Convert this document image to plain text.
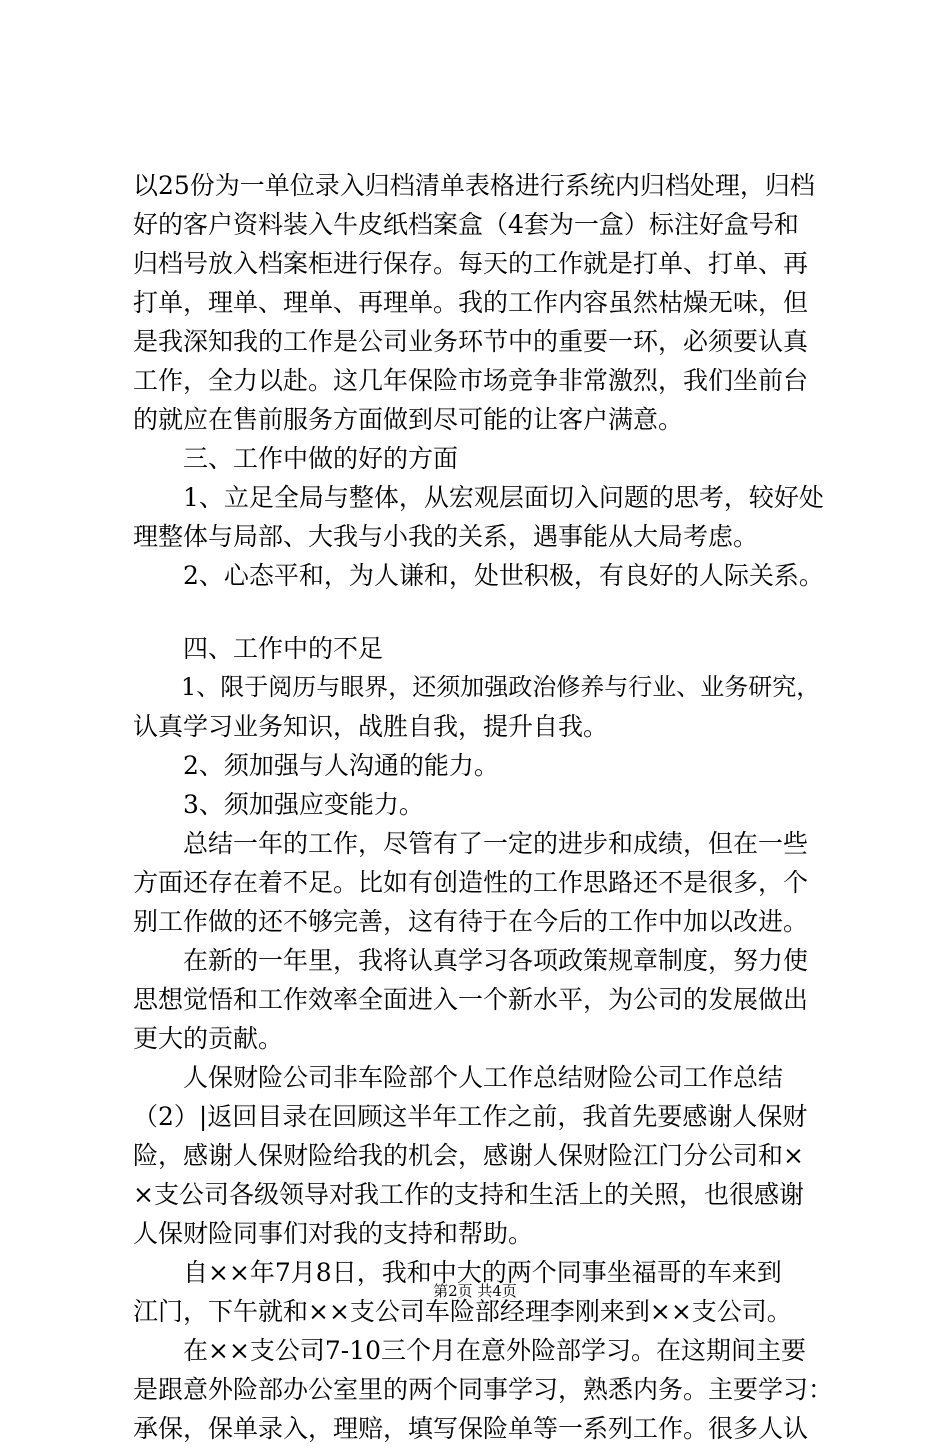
以25份为一单位录入归档清单表格进行系统内归档处理，归档
好的客户资料装入牛皮纸档案盒（4套为一盒）标注好盒号和
归档号放入档案柜进行保存。每天的工作就是打单、打单、再
打单，理单、理单、再理单。我的工作内容虽然枯燥无味，但
是我深知我的工作是公司业务环节中的重要一环，必须要认真
工作，全力以赴。这几年保险市场竞争非常激烈，我们坐前台
的就应在售前服务方面做到尽可能的让客户满意。
　　三、工作中做的好的方面
　　1、立足全局与整体，从宏观层面切入问题的思考，较好处
理整体与局部、大我与小我的关系，遇事能从大局考虑。
　　2、心态平和，为人谦和，处世积极，有良好的人际关系。
　　四、工作中的不足
　　1、限于阅历与眼界，还须加强政治修养与行业、业务研究，
认真学习业务知识，战胜自我，提升自我。
　　2、须加强与人沟通的能力。
　　3、须加强应变能力。
　　总结一年的工作，尽管有了一定的进步和成绩，但在一些
方面还存在着不足。比如有创造性的工作思路还不是很多，个
别工作做的还不够完善，这有待于在今后的工作中加以改进。
　　在新的一年里，我将认真学习各项政策规章制度，努力使
思想觉悟和工作效率全面进入一个新水平，为公司的发展做出
更大的贡献。
　　人保财险公司非车险部个人工作总结财险公司工作总结
（2）|返回目录在回顾这半年工作之前，我首先要感谢人保财
险，感谢人保财险给我的机会，感谢人保财险江门分公司和×
×支公司各级领导对我工作的支持和生活上的关照，也很感谢
人保财险同事们对我的支持和帮助。
　　自××年7月8日，我和中大的两个同事坐福哥的车来到
江门，下午就和××支公司车险部经理李刚来到××支公司。
　　在××支公司7-10三个月在意外险部学习。在这期间主要
是跟意外险部办公室里的两个同事学习，熟悉内务。主要学习：
承保，保单录入，理赔，填写保险单等一系列工作。很多人认
第2页 共4页
